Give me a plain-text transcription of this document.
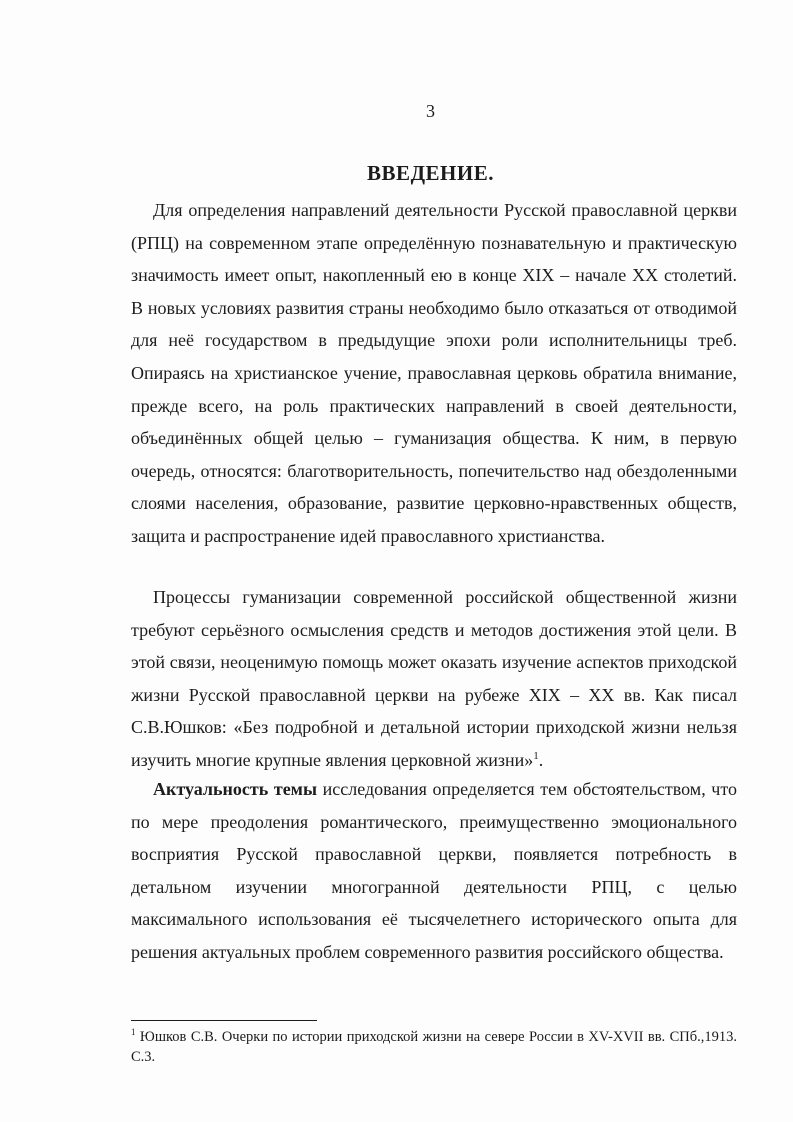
3
ВВЕДЕНИЕ.

Для определения направлений деятельности Русской православной церкви (РПЦ) на современном этапе определённую познавательную и практическую значимость имеет опыт, накопленный ею в конце XIX – начале XX столетий. В новых условиях развития страны необходимо было отказаться от отводимой для неё государством в предыдущие эпохи роли исполнительницы треб. Опираясь на христианское учение, православная церковь обратила внимание, прежде всего, на роль практических направлений в своей деятельности, объединённых общей целью – гуманизация общества. К ним, в первую очередь, относятся: благотворительность, попечительство над обездоленными слоями населения, образование, развитие церковно-нравственных обществ, защита и распространение идей православного христианства.

Процессы гуманизации современной российской общественной жизни требуют серьёзного осмысления средств и методов достижения этой цели. В этой связи, неоценимую помощь может оказать изучение аспектов приходской жизни Русской православной церкви на рубеже XIX – XX вв. Как писал С.В.Юшков: «Без подробной и детальной истории приходской жизни нельзя изучить многие крупные явления церковной жизни»$^1$.

Актуальность темы исследования определяется тем обстоятельством, что по мере преодоления романтического, преимущественно эмоционального восприятия Русской православной церкви, появляется потребность в детальном изучении многогранной деятельности РПЦ, с целью максимального использования её тысячелетнего исторического опыта для решения актуальных проблем современного развития российского общества.

$^1$ Юшков С.В. Очерки по истории приходской жизни на севере России в XV-XVII вв. СПб.,1913. С.3.
